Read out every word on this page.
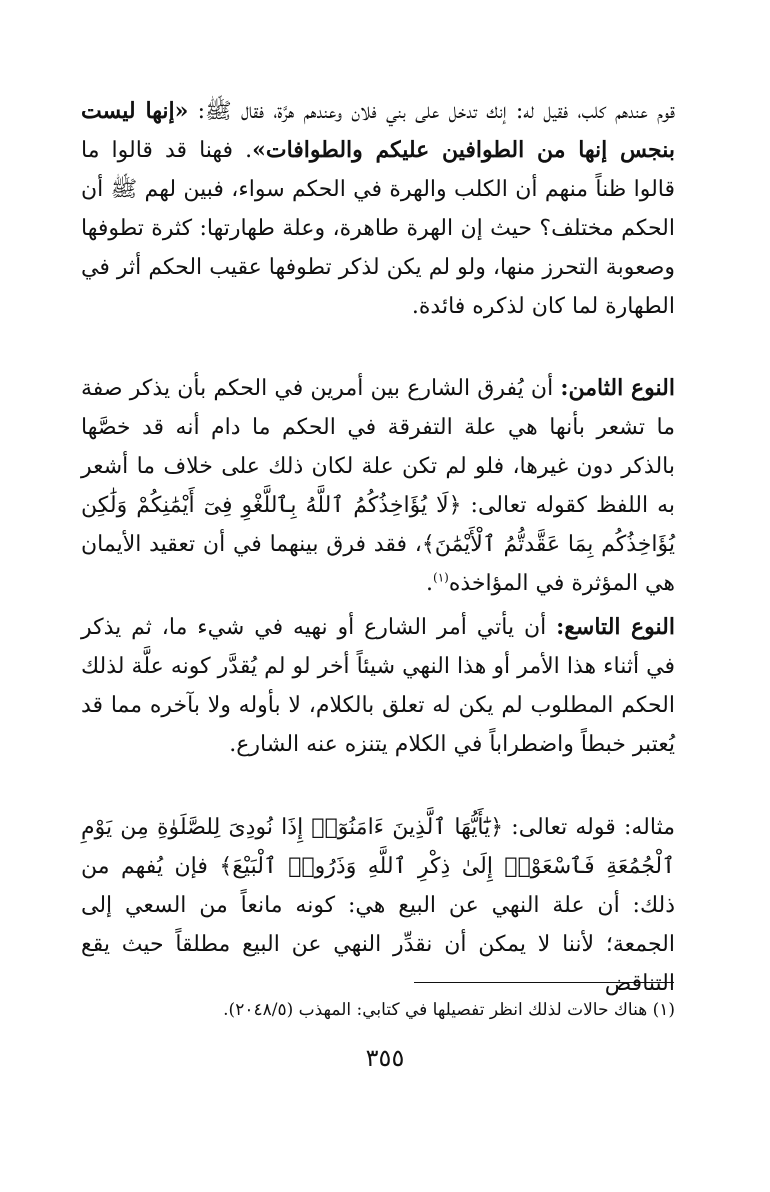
قوم عندهم كلب، فقيل له: إنك تدخل على بني فلان وعندهم هرَّة، فقال ﷺ: «إنها ليست بنجس إنها من الطوافين عليكم والطوافات». فهنا قد قالوا ما قالوا ظناً منهم أن الكلب والهرة في الحكم سواء، فبين لهم ﷺ أن الحكم مختلف؟ حيث إن الهرة طاهرة، وعلة طهارتها: كثرة تطوفها وصعوبة التحرز منها، ولو لم يكن لذكر تطوفها عقيب الحكم أثر في الطهارة لما كان لذكره فائدة.

النوع الثامن: أن يُفرق الشارع بين أمرين في الحكم بأن يذكر صفة ما تشعر بأنها هي علة التفرقة في الحكم ما دام أنه قد خصَّها بالذكر دون غيرها، فلو لم تكن علة لكان ذلك على خلاف ما أشعر به اللفظ كقوله تعالى: ﴿لَا يُؤَاخِذُكُمُ ٱللَّهُ بِٱللَّغْوِ فِىٓ أَيْمَٰنِكُمْ وَلَٰكِن يُؤَاخِذُكُم بِمَا عَقَّدتُّمُ ٱلْأَيْمَٰنَ﴾، فقد فرق بينهما في أن تعقيد الأيمان هي المؤثرة في المؤاخذه$^{(١)}$.

النوع التاسع: أن يأتي أمر الشارع أو نهيه في شيء ما، ثم يذكر في أثناء هذا الأمر أو هذا النهي شيئاً أخر لو لم يُقدَّر كونه علَّة لذلك الحكم المطلوب لم يكن له تعلق بالكلام، لا بأوله ولا بآخره مما قد يُعتبر خبطاً واضطراباً في الكلام يتنزه عنه الشارع.

مثاله: قوله تعالى: ﴿يَٰٓأَيُّهَا ٱلَّذِينَ ءَامَنُوٓا۟ إِذَا نُودِىَ لِلصَّلَوٰةِ مِن يَوْمِ ٱلْجُمُعَةِ فَٱسْعَوْا۟ إِلَىٰ ذِكْرِ ٱللَّهِ وَذَرُوا۟ ٱلْبَيْعَ﴾ فإن يُفهم من ذلك: أن علة النهي عن البيع هي: كونه مانعاً من السعي إلى الجمعة؛ لأننا لا يمكن أن نقدِّر النهي عن البيع مطلقاً حيث يقع التناقض

(١) هناك حالات لذلك انظر تفصيلها في كتابي: المهذب (٢٠٤٨/٥).

٣٥٥
